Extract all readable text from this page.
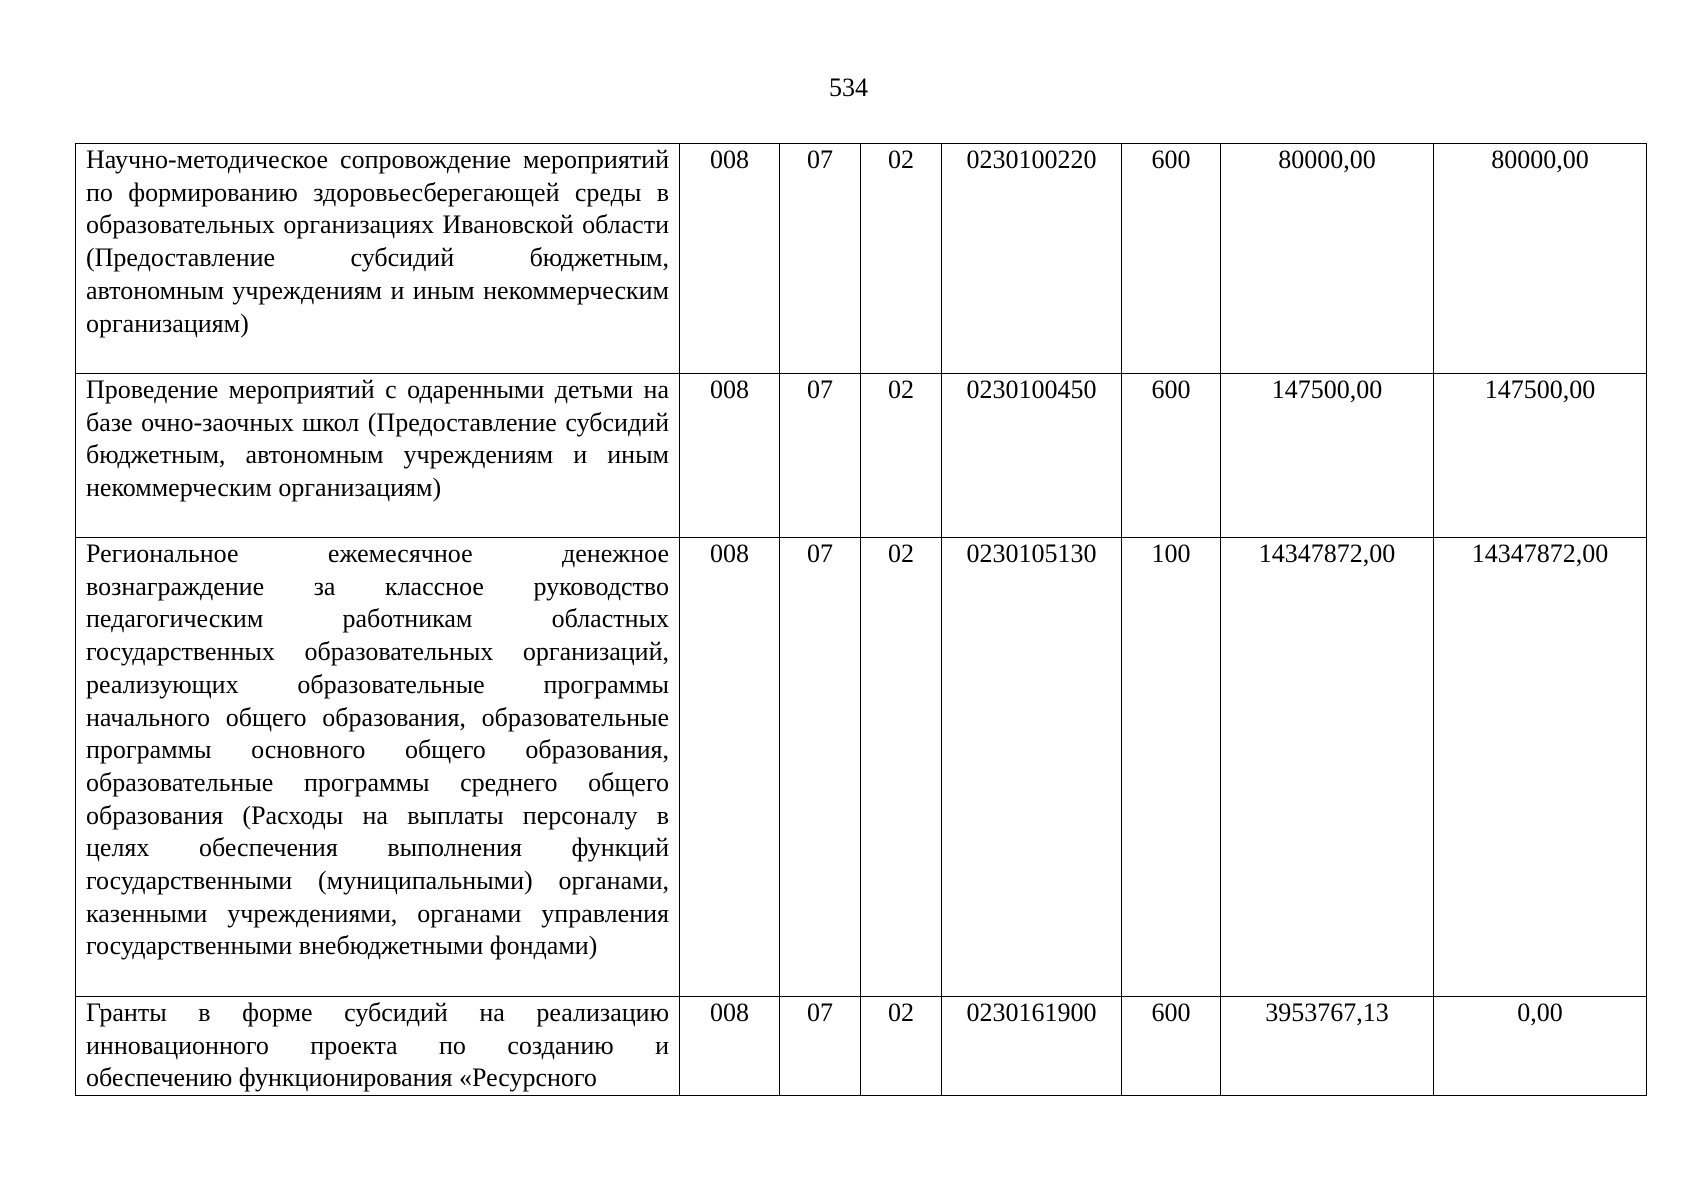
534
Научно-методическое сопровождение мероприятий по формированию здоровьесберегающей среды в образовательных организациях Ивановской области (Предоставление субсидий бюджетным, автономным учреждениям и иным некоммерческим организациям)	008	07	02	0230100220	600	80000,00	80000,00
Проведение мероприятий с одаренными детьми на базе очно-заочных школ (Предоставление субсидий бюджетным, автономным учреждениям и иным некоммерческим организациям)	008	07	02	0230100450	600	147500,00	147500,00
Региональное ежемесячное денежное вознаграждение за классное руководство педагогическим работникам областных государственных образовательных организаций, реализующих образовательные программы начального общего образования, образовательные программы основного общего образования, образовательные программы среднего общего образования (Расходы на выплаты персоналу в целях обеспечения выполнения функций государственными (муниципальными) органами, казенными учреждениями, органами управления государственными внебюджетными фондами)	008	07	02	0230105130	100	14347872,00	14347872,00
Гранты в форме субсидий на реализацию инновационного проекта по созданию и обеспечению функционирования «Ресурсного	008	07	02	0230161900	600	3953767,13	0,00
